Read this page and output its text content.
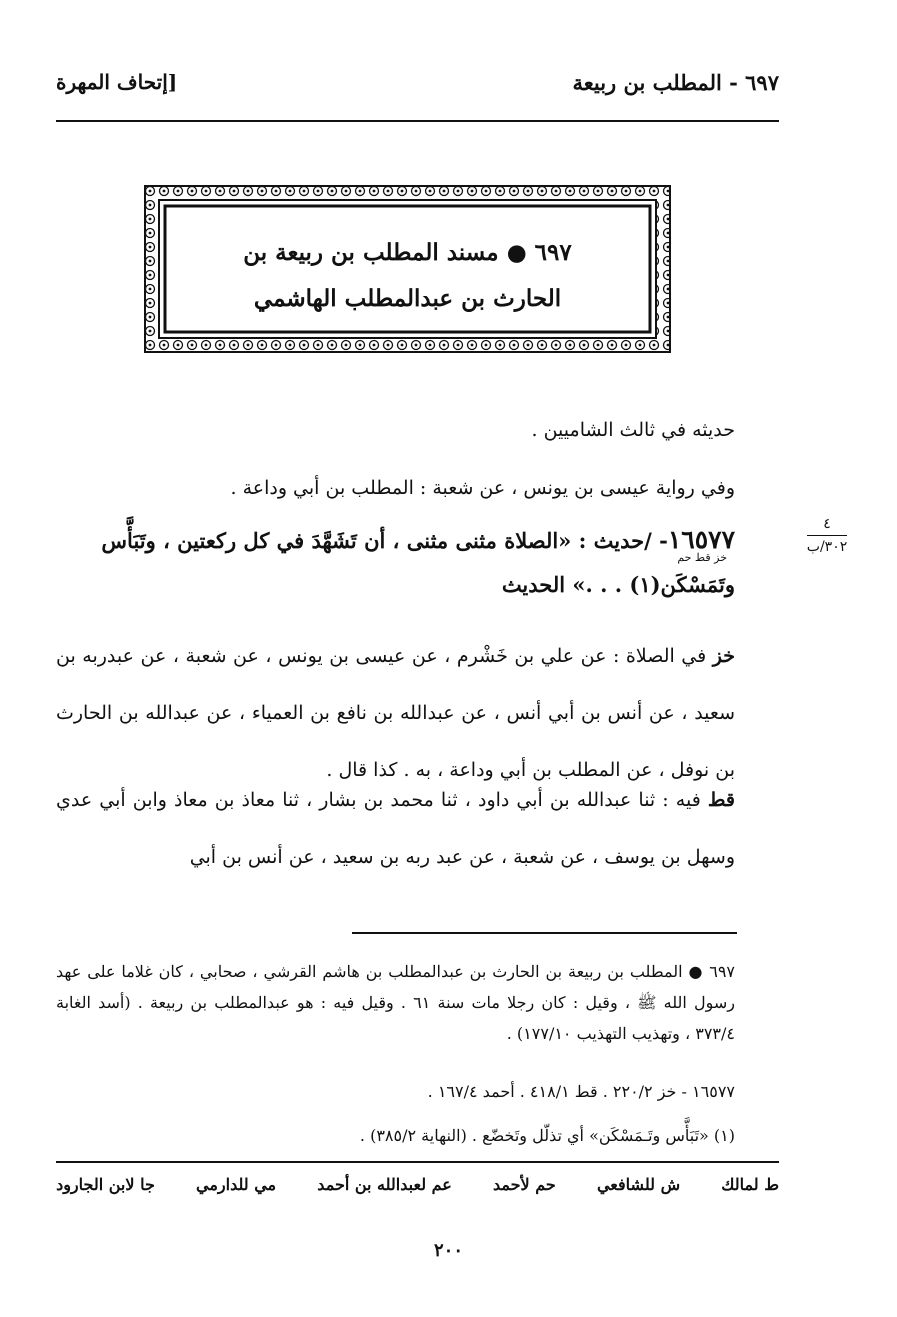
٦٩٧ - المطلب بن ربيعة
[إتحاف المهرة
٦٩٧ ● مسند المطلب بن ربيعة بن
الحارث بن عبدالمطلب الهاشمي
حديثه في ثالث الشاميين .
وفي رواية عيسى بن يونس ، عن شعبة : المطلب بن أبي وداعة .
٤
٣٠٢/ب
١٦٥٧٧- /حديث : «الصلاة مثنى مثنى ، أن تَشَهَّدَ في كل ركعتين ، وتَبَأَّس
وتَمَسْكَن(١) . . .» الحديث
خز قط حم
خز في الصلاة : عن علي بن خَشْرم ، عن عيسى بن يونس ، عن شعبة ، عن عبدربه بن سعيد ، عن أنس بن أبي أنس ، عن عبدالله بن نافع بن العمياء ، عن عبدالله بن الحارث بن نوفل ، عن المطلب بن أبي وداعة ، به . كذا قال .
قط فيه : ثنا عبدالله بن أبي داود ، ثنا محمد بن بشار ، ثنا معاذ بن معاذ وابن أبي عدي وسهل بن يوسف ، عن شعبة ، عن عبد ربه بن سعيد ، عن أنس بن أبي
٦٩٧ ● المطلب بن ربيعة بن الحارث بن عبدالمطلب بن هاشم القرشي ، صحابي ، كان غلاما على عهد رسول الله ﷺ ، وقيل : كان رجلا مات سنة ٦١ . وقيل فيه : هو عبدالمطلب بن ربيعة . (أسد الغابة ٣٧٣/٤ ، وتهذيب التهذيب ١٧٧/١٠) .
١٦٥٧٧ - خز ٢٢٠/٢ . قط ٤١٨/١ . أحمد ١٦٧/٤ .
(١) «تَبَأَّس وتَـمَسْكَن» أي تذلّل وتَخضّع . (النهاية ٣٨٥/٢) .
ط لمالك
ش للشافعي
حم لأحمد
عم لعبدالله بن أحمد
مي للدارمي
جا لابن الجارود
٢٠٠
